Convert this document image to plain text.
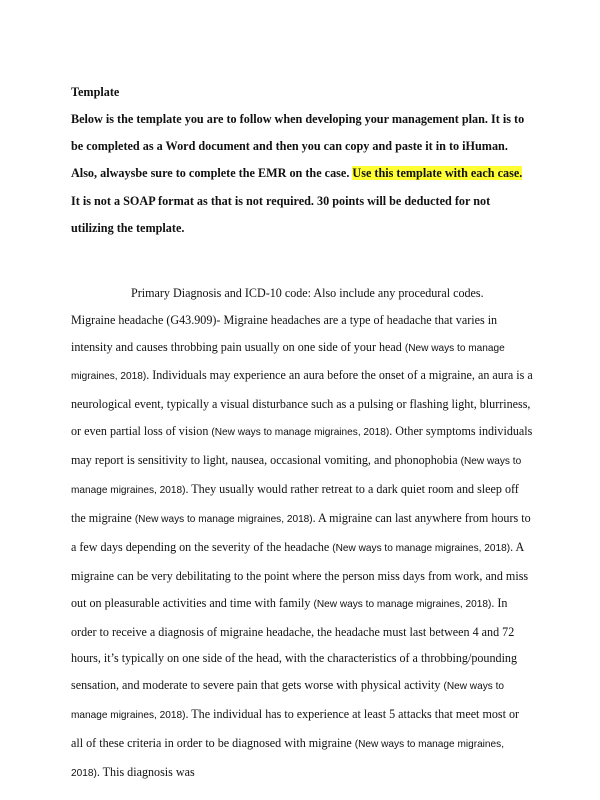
Template

Below is the template you are to follow when developing your management plan. It is to be completed as a Word document and then you can copy and paste it in to iHuman. Also, alwaysbe sure to complete the EMR on the case. Use this template with each case. It is not a SOAP format as that is not required. 30 points will be deducted for not utilizing the template.

Primary Diagnosis and ICD-10 code: Also include any procedural codes.

Migraine headache (G43.909)- Migraine headaches are a type of headache that varies in intensity and causes throbbing pain usually on one side of your head (New ways to manage migraines, 2018). Individuals may experience an aura before the onset of a migraine, an aura is a neurological event, typically a visual disturbance such as a pulsing or flashing light, blurriness, or even partial loss of vision (New ways to manage migraines, 2018). Other symptoms individuals may report is sensitivity to light, nausea, occasional vomiting, and phonophobia (New ways to manage migraines, 2018). They usually would rather retreat to a dark quiet room and sleep off the migraine (New ways to manage migraines, 2018). A migraine can last anywhere from hours to a few days depending on the severity of the headache (New ways to manage migraines, 2018). A migraine can be very debilitating to the point where the person miss days from work, and miss out on pleasurable activities and time with family (New ways to manage migraines, 2018). In order to receive a diagnosis of migraine headache, the headache must last between 4 and 72 hours, it’s typically on one side of the head, with the characteristics of a throbbing/pounding sensation, and moderate to severe pain that gets worse with physical activity (New ways to manage migraines, 2018). The individual has to experience at least 5 attacks that meet most or all of these criteria in order to be diagnosed with migraine (New ways to manage migraines, 2018). This diagnosis was
